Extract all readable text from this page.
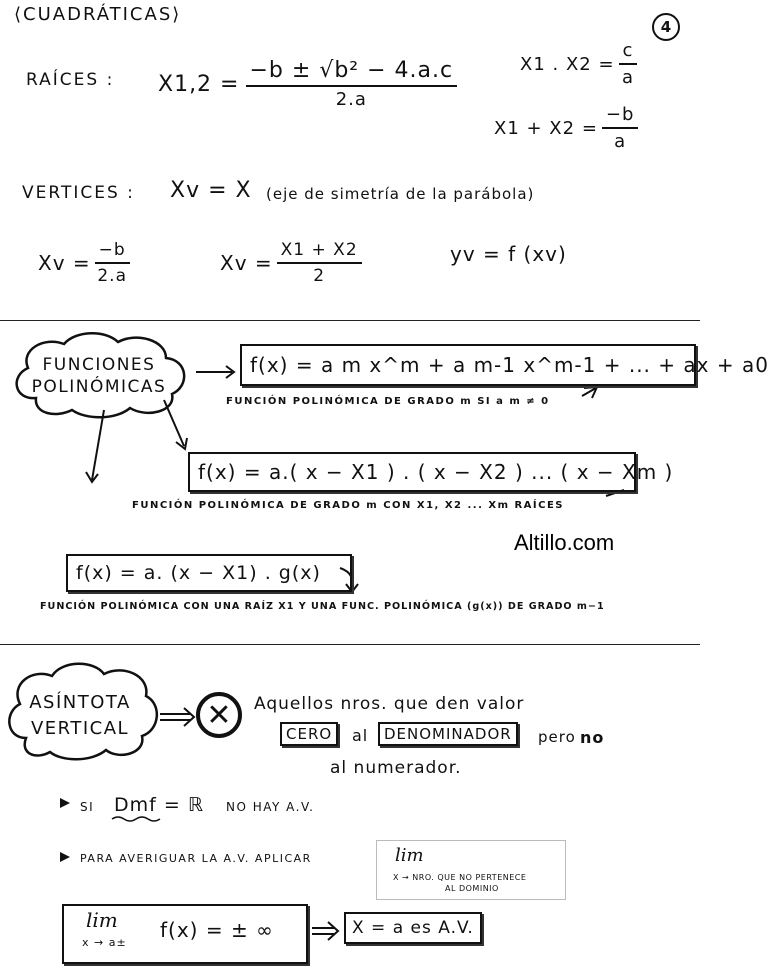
⟨CUADRÁTICAS⟩
4
RAÍCES : $X1,2 = \frac{\text{−b ± √b² − 4.a.c}}{2.a}$	X1 . $X2 = \frac{c}{a}$
$X1 + X2 = \frac{-b}{a}$
VERTICES : Xv = X (eje de simetría de la parábola)
$Xv = \frac{-b}{2.a}$	$Xv = \frac{X1 + X2}{2}$	yv = f (xv)
FUNCIONES
POLINÓMICAS
f(x) = a m x^m + a m-1 x^m-1 + ... + ax + a0
FUNCIÓN POLINÓMICA DE GRADO m SI a m ≠ 0
f(x) = a.( x − X1 ) . ( x − X2 ) ... ( x − Xm )
FUNCIÓN POLINÓMICA DE GRADO m CON X1, X2 ... Xm RAÍCES
Altillo.com
f(x) = a. (x − X1) . g(x)
FUNCIÓN POLINÓMICA CON UNA RAÍZ X1 Y UNA FUNC. POLINÓMICA (g(x)) DE GRADO m−1
ASÍNTOTA
VERTICAL	✕	Aquellos nros. que den valor
CERO	al	DENOMINADOR	pero no
al numerador.
SI Dmf = ℝ NO HAY A.V.
PARA AVERIGUAR LA A.V. APLICAR	lim
X → NRO. QUE NO PERTENECE
AL DOMINIO
lim
x → a±
f(x) = ± ∞	X = a es A.V.
